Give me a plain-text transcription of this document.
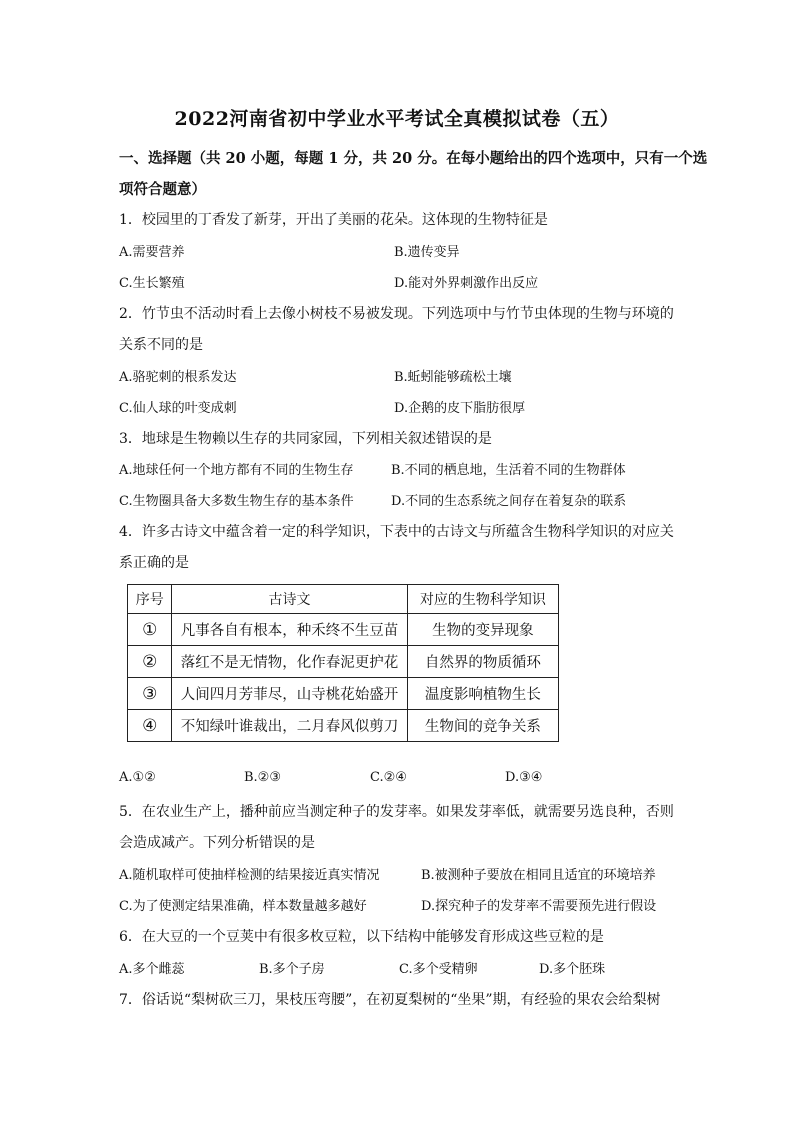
2022河南省初中学业水平考试全真模拟试卷（五）
一、选择题（共 20 小题，每题 1 分，共 20 分。在每小题给出的四个选项中，只有一个选
项符合题意）
1．校园里的丁香发了新芽，开出了美丽的花朵。这体现的生物特征是
A.需要营养	B.遗传变异
C.生长繁殖	D.能对外界刺激作出反应
2．竹节虫不活动时看上去像小树枝不易被发现。下列选项中与竹节虫体现的生物与环境的
关系不同的是
A.骆驼刺的根系发达	B.蚯蚓能够疏松土壤
C.仙人球的叶变成刺	D.企鹅的皮下脂肪很厚
3．地球是生物赖以生存的共同家园，下列相关叙述错误的是
A.地球任何一个地方都有不同的生物生存	B.不同的栖息地，生活着不同的生物群体
C.生物圈具备大多数生物生存的基本条件	D.不同的生态系统之间存在着复杂的联系
4．许多古诗文中蕴含着一定的科学知识，下表中的古诗文与所蕴含生物科学知识的对应关
系正确的是
序号	古诗文	对应的生物科学知识
①	凡事各自有根本，种禾终不生豆苗	生物的变异现象
②	落红不是无情物，化作春泥更护花	自然界的物质循环
③	人间四月芳菲尽，山寺桃花始盛开	温度影响植物生长
④	不知绿叶谁裁出，二月春风似剪刀	生物间的竞争关系
A.①②	B.②③	C.②④	D.③④
5．在农业生产上，播种前应当测定种子的发芽率。如果发芽率低，就需要另选良种，否则
会造成减产。下列分析错误的是
A.随机取样可使抽样检测的结果接近真实情况	B.被测种子要放在相同且适宜的环境培养
C.为了使测定结果准确，样本数量越多越好	D.探究种子的发芽率不需要预先进行假设
6．在大豆的一个豆荚中有很多枚豆粒，以下结构中能够发育形成这些豆粒的是
A.多个雌蕊	B.多个子房	C.多个受精卵	D.多个胚珠
7．俗话说“梨树砍三刀，果枝压弯腰”，在初夏梨树的“坐果”期，有经验的果农会给梨树
